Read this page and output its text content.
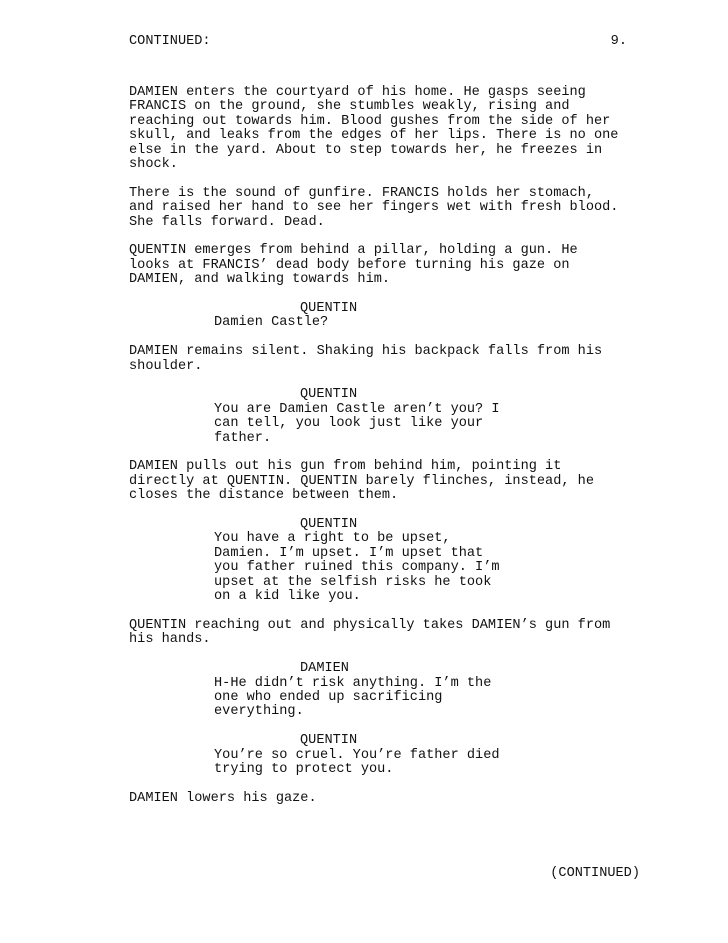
CONTINUED:	9.
DAMIEN enters the courtyard of his home. He gasps seeing
FRANCIS on the ground, she stumbles weakly, rising and
reaching out towards him. Blood gushes from the side of her
skull, and leaks from the edges of her lips. There is no one
else in the yard. About to step towards her, he freezes in
shock.
There is the sound of gunfire. FRANCIS holds her stomach,
and raised her hand to see her fingers wet with fresh blood.
She falls forward. Dead.
QUENTIN emerges from behind a pillar, holding a gun. He
looks at FRANCIS’ dead body before turning his gaze on
DAMIEN, and walking towards him.
QUENTIN
Damien Castle?
DAMIEN remains silent. Shaking his backpack falls from his
shoulder.
QUENTIN
You are Damien Castle aren’t you? I
can tell, you look just like your
father.
DAMIEN pulls out his gun from behind him, pointing it
directly at QUENTIN. QUENTIN barely flinches, instead, he
closes the distance between them.
QUENTIN
You have a right to be upset,
Damien. I’m upset. I’m upset that
you father ruined this company. I’m
upset at the selfish risks he took
on a kid like you.
QUENTIN reaching out and physically takes DAMIEN’s gun from
his hands.
DAMIEN
H-He didn’t risk anything. I’m the
one who ended up sacrificing
everything.
QUENTIN
You’re so cruel. You’re father died
trying to protect you.
DAMIEN lowers his gaze.
(CONTINUED)
